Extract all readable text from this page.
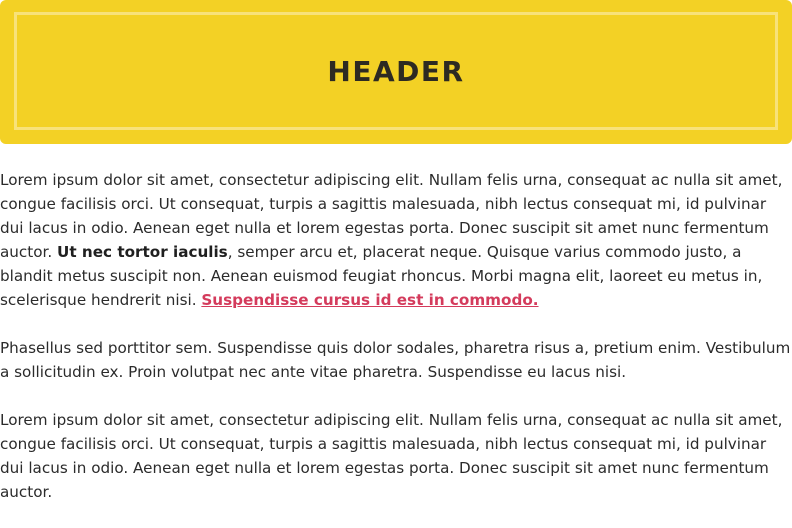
HEADER

Lorem ipsum dolor sit amet, consectetur adipiscing elit. Nullam felis urna, consequat ac nulla sit amet, congue facilisis orci. Ut consequat, turpis a sagittis malesuada, nibh lectus consequat mi, id pulvinar dui lacus in odio. Aenean eget nulla et lorem egestas porta. Donec suscipit sit amet nunc fermentum auctor. Ut nec tortor iaculis, semper arcu et, placerat neque. Quisque varius commodo justo, a blandit metus suscipit non. Aenean euismod feugiat rhoncus. Morbi magna elit, laoreet eu metus in, scelerisque hendrerit nisi. Suspendisse cursus id est in commodo.

Phasellus sed porttitor sem. Suspendisse quis dolor sodales, pharetra risus a, pretium enim. Vestibulum a sollicitudin ex. Proin volutpat nec ante vitae pharetra. Suspendisse eu lacus nisi.

Lorem ipsum dolor sit amet, consectetur adipiscing elit. Nullam felis urna, consequat ac nulla sit amet, congue facilisis orci. Ut consequat, turpis a sagittis malesuada, nibh lectus consequat mi, id pulvinar dui lacus in odio. Aenean eget nulla et lorem egestas porta. Donec suscipit sit amet nunc fermentum auctor.
